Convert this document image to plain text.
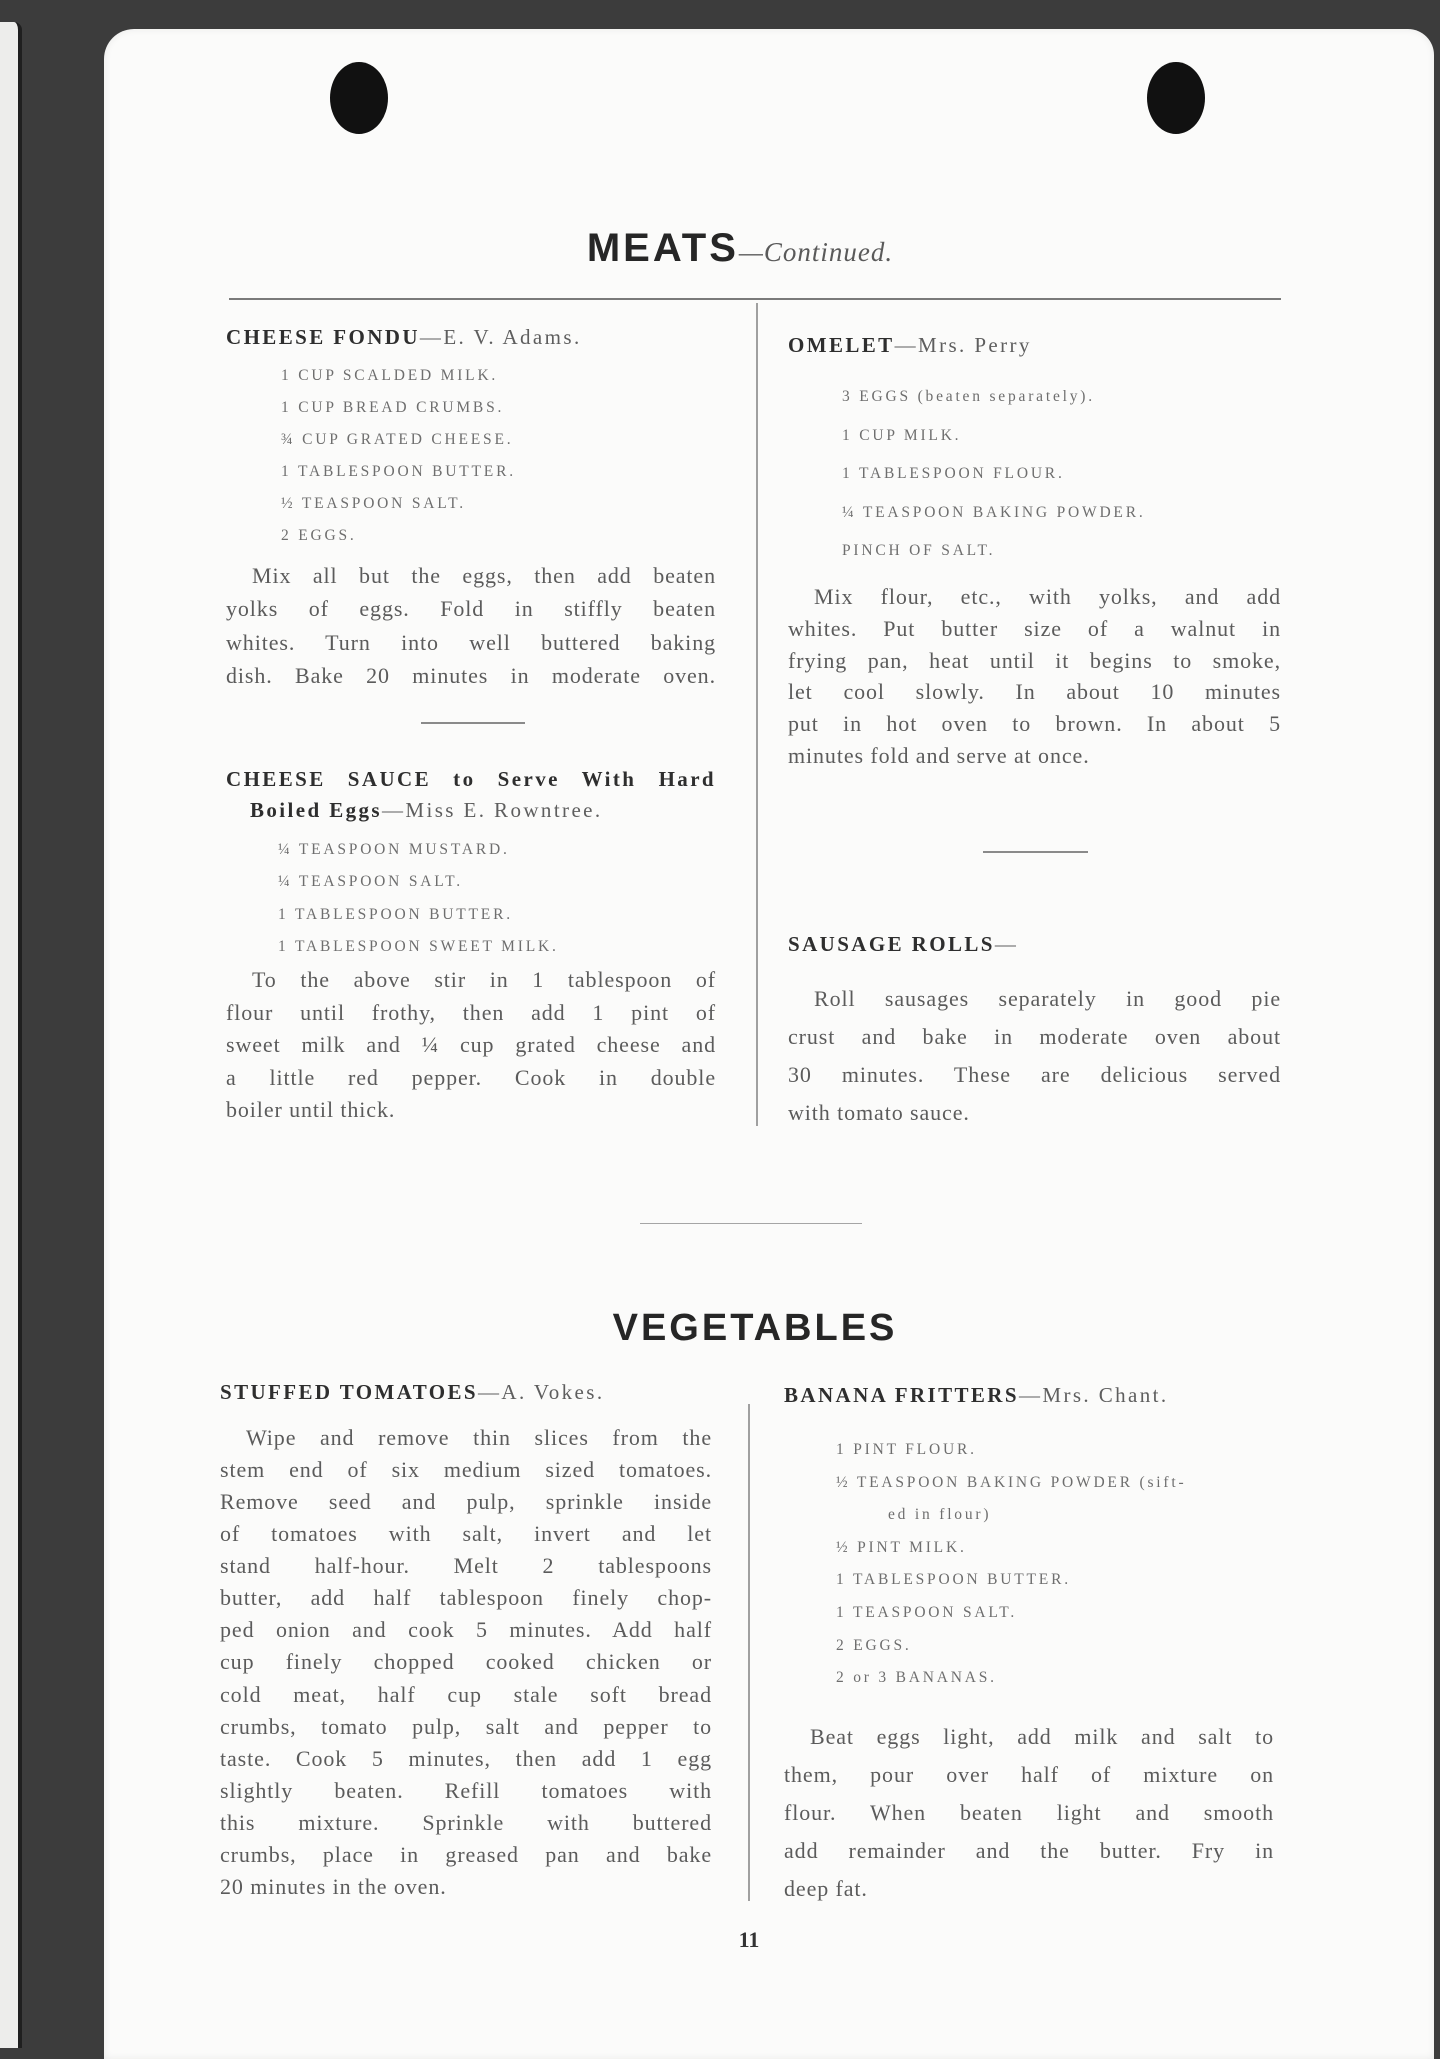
MEATS—Continued.
CHEESE FONDU—E. V. Adams.
1 CUP SCALDED MILK.
1 CUP BREAD CRUMBS.
¾ CUP GRATED CHEESE.
1 TABLESPOON BUTTER.
½ TEASPOON SALT.
2 EGGS.
Mix all but the eggs, then add beaten
yolks of eggs. Fold in stiffly beaten
whites. Turn into well buttered baking
dish. Bake 20 minutes in moderate oven.
CHEESE SAUCE to Serve With Hard
Boiled Eggs—Miss E. Rowntree.
¼ TEASPOON MUSTARD.
¼ TEASPOON SALT.
1 TABLESPOON BUTTER.
1 TABLESPOON SWEET MILK.
To the above stir in 1 tablespoon of
flour until frothy, then add 1 pint of
sweet milk and ¼ cup grated cheese and
a little red pepper. Cook in double
boiler until thick.
OMELET—Mrs. Perry
3 EGGS (beaten separately).
1 CUP MILK.
1 TABLESPOON FLOUR.
¼ TEASPOON BAKING POWDER.
PINCH OF SALT.
Mix flour, etc., with yolks, and add
whites. Put butter size of a walnut in
frying pan, heat until it begins to smoke,
let cool slowly. In about 10 minutes
put in hot oven to brown. In about 5
minutes fold and serve at once.
SAUSAGE ROLLS—
Roll sausages separately in good pie
crust and bake in moderate oven about
30 minutes. These are delicious served
with tomato sauce.
VEGETABLES
STUFFED TOMATOES—A. Vokes.
Wipe and remove thin slices from the
stem end of six medium sized tomatoes.
Remove seed and pulp, sprinkle inside
of tomatoes with salt, invert and let
stand half-hour. Melt 2 tablespoons
butter, add half tablespoon finely chop-
ped onion and cook 5 minutes. Add half
cup finely chopped cooked chicken or
cold meat, half cup stale soft bread
crumbs, tomato pulp, salt and pepper to
taste. Cook 5 minutes, then add 1 egg
slightly beaten. Refill tomatoes with
this mixture. Sprinkle with buttered
crumbs, place in greased pan and bake
20 minutes in the oven.
BANANA FRITTERS—Mrs. Chant.
1 PINT FLOUR.
½ TEASPOON BAKING POWDER (sift-
ed in flour)
½ PINT MILK.
1 TABLESPOON BUTTER.
1 TEASPOON SALT.
2 EGGS.
2 or 3 BANANAS.
Beat eggs light, add milk and salt to
them, pour over half of mixture on
flour. When beaten light and smooth
add remainder and the butter. Fry in
deep fat.
11
